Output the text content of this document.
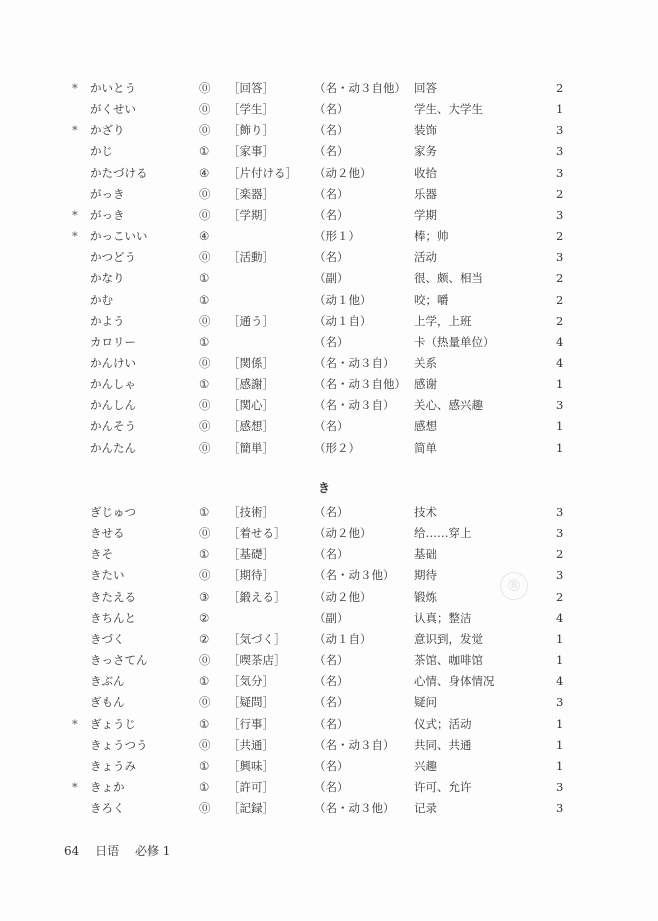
* かいとう	⓪ ［回答］	（名・动３自他） 回答	2
がくせい	⓪ ［学生］	（名）	学生、大学生	1
* かざり	⓪ ［飾り］	（名）	装饰	3
かじ	① ［家事］	（名）	家务	3
かたづける	④ ［片付ける］ （动２他）	收拾	3
がっき	⓪ ［楽器］	（名）	乐器	2
* がっき	⓪ ［学期］	（名）	学期	3
* かっこいい	④	（形１）	棒；帅	2
かつどう	⓪ ［活動］	（名）	活动	3
かなり	①	（副）	很、颇、相当	2
かむ	①	（动１他）	咬；嚼	2
かよう	⓪ ［通う］	（动１自）	上学，上班	2
カロリー	①	（名）	卡（热量单位）	4
かんけい	⓪ ［関係］	（名・动３自） 关系	4
かんしゃ	① ［感謝］	（名・动３自他） 感谢	1
かんしん	⓪ ［関心］	（名・动３自） 关心、感兴趣	3
かんそう	⓪ ［感想］	（名）	感想	1
かんたん	⓪ ［簡単］	（形２）	简单	1
き
ぎじゅつ	① ［技術］	（名）	技术	3
きせる	⓪ ［着せる］ （动２他）	给……穿上	3
きそ	① ［基礎］	（名）	基础	2
きたい	⓪ ［期待］	（名・动３他） 期待	3
きたえる	③ ［鍛える］ （动２他）	锻炼	2
きちんと	②	（副）	认真；整洁	4
きづく	② ［気づく］ （动１自）	意识到，发觉	1
きっさてん	⓪ ［喫茶店］ （名）	茶馆、咖啡馆	1
きぶん	① ［気分］	（名）	心情、身体情况	4
ぎもん	⓪ ［疑問］	（名）	疑问	3
* ぎょうじ	① ［行事］	（名）	仪式；活动	1
きょうつう	⓪ ［共通］	（名・动３自） 共同、共通	1
きょうみ	① ［興味］	（名）	兴趣	1
* きょか	① ［許可］	（名）	许可、允许	3
きろく	⓪ ［記録］	（名・动３他） 记录	3
®
64 日语 必修 1
